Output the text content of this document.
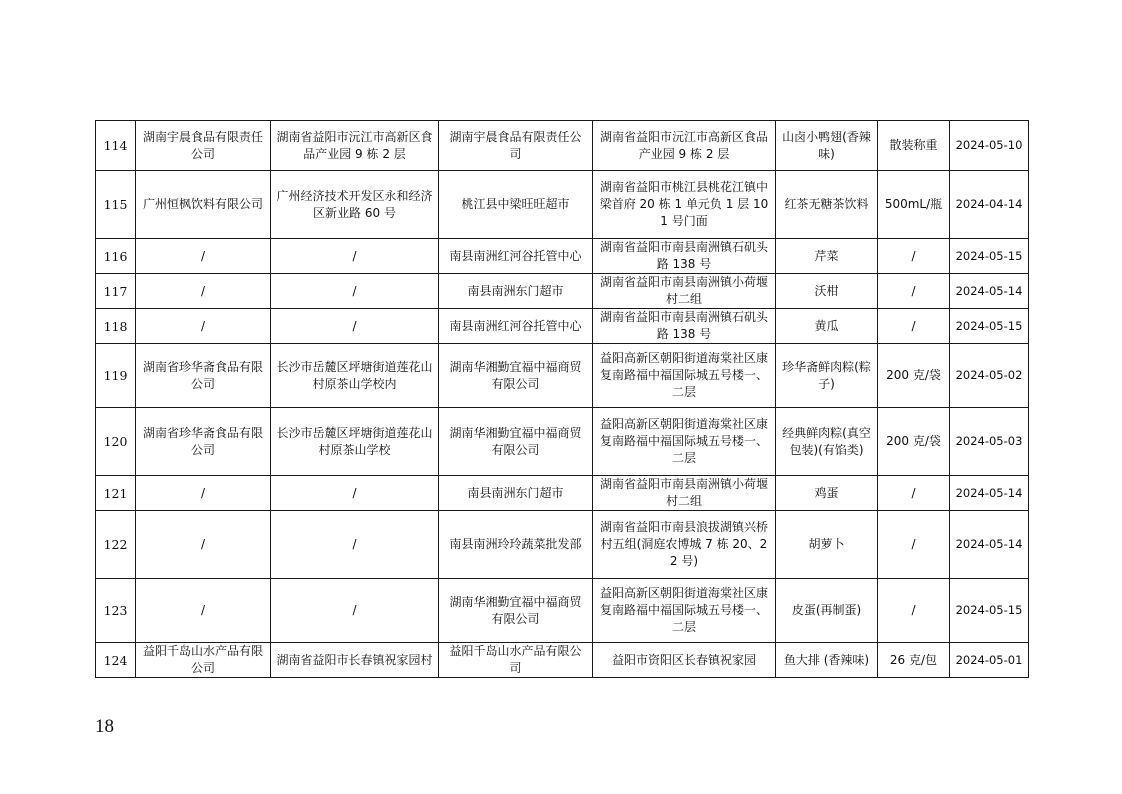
114	湖南宇晨食品有限责任公司	湖南省益阳市沅江市高新区食品产业园 9 栋 2 层	湖南宇晨食品有限责任公司	湖南省益阳市沅江市高新区食品产业园 9 栋 2 层	山卤小鸭翅(香辣味)	散装称重	2024-05-10
115	广州恒枫饮料有限公司	广州经济技术开发区永和经济区新业路 60 号	桃江县中梁旺旺超市	湖南省益阳市桃江县桃花江镇中梁首府 20 栋 1 单元负 1 层 101 号门面	红茶无糖茶饮料	500mL/瓶	2024-04-14
116	/	/	南县南洲红河谷托管中心	湖南省益阳市南县南洲镇石矶头路 138 号	芹菜	/	2024-05-15
117	/	/	南县南洲东门超市	湖南省益阳市南县南洲镇小荷堰村二组	沃柑	/	2024-05-14
118	/	/	南县南洲红河谷托管中心	湖南省益阳市南县南洲镇石矶头路 138 号	黄瓜	/	2024-05-15
119	湖南省珍华斋食品有限公司	长沙市岳麓区坪塘街道莲花山村原茶山学校内	湖南华湘勤宜福中福商贸有限公司	益阳高新区朝阳街道海棠社区康复南路福中福国际城五号楼一、二层	珍华斋鲜肉粽(粽子)	200 克/袋	2024-05-02
120	湖南省珍华斋食品有限公司	长沙市岳麓区坪塘街道莲花山村原茶山学校	湖南华湘勤宜福中福商贸有限公司	益阳高新区朝阳街道海棠社区康复南路福中福国际城五号楼一、二层	经典鲜肉粽(真空包装)(有馅类)	200 克/袋	2024-05-03
121	/	/	南县南洲东门超市	湖南省益阳市南县南洲镇小荷堰村二组	鸡蛋	/	2024-05-14
122	/	/	南县南洲玲玲蔬菜批发部	湖南省益阳市南县浪拔湖镇兴桥村五组(洞庭农博城 7 栋 20、22 号)	胡萝卜	/	2024-05-14
123	/	/	湖南华湘勤宜福中福商贸有限公司	益阳高新区朝阳街道海棠社区康复南路福中福国际城五号楼一、二层	皮蛋(再制蛋)	/	2024-05-15
124	益阳千岛山水产品有限公司	湖南省益阳市长春镇祝家园村	益阳千岛山水产品有限公司	益阳市资阳区长春镇祝家园	鱼大排 (香辣味)	26 克/包	2024-05-01
18
